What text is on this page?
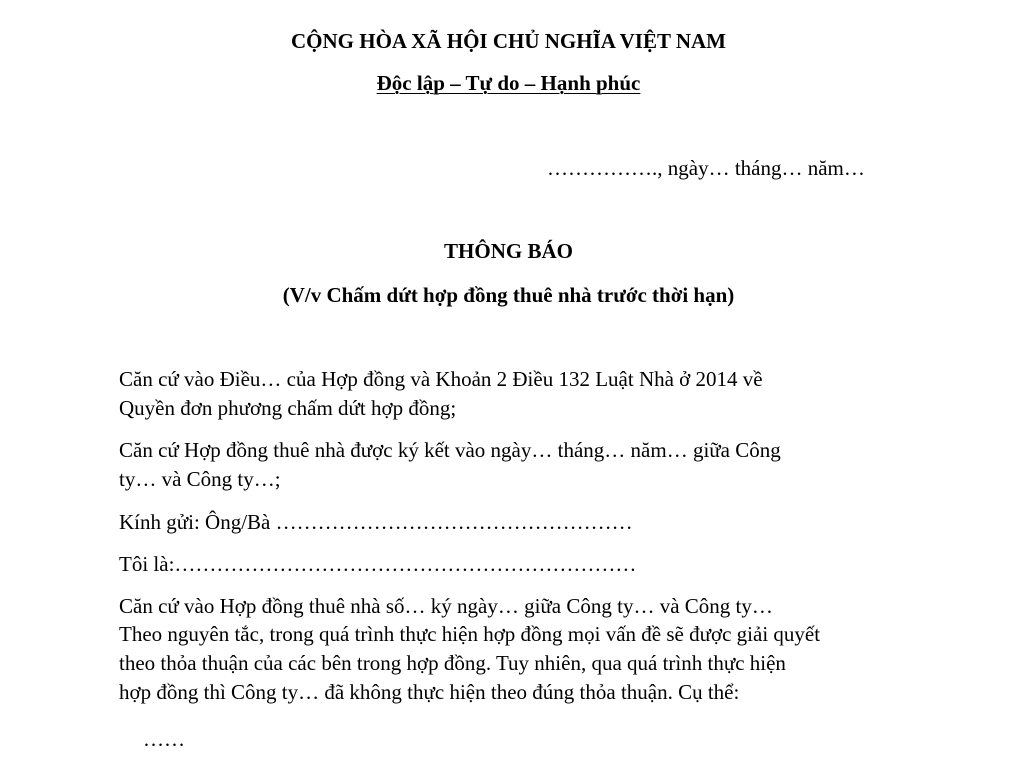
CỘNG HÒA XÃ HỘI CHỦ NGHĨA VIỆT NAM
Độc lập – Tự do – Hạnh phúc
……………., ngày… tháng… năm…
THÔNG BÁO
(V/v Chấm dứt hợp đồng thuê nhà trước thời hạn)
Căn cứ vào Điều… của Hợp đồng và Khoản 2 Điều 132 Luật Nhà ở 2014 về
Quyền đơn phương chấm dứt hợp đồng;
Căn cứ Hợp đồng thuê nhà được ký kết vào ngày… tháng… năm… giữa Công
ty… và Công ty…;
Kính gửi: Ông/Bà ……………………………………………
Tôi là:…………………………………………………………
Căn cứ vào Hợp đồng thuê nhà số… ký ngày… giữa Công ty… và Công ty…
Theo nguyên tắc, trong quá trình thực hiện hợp đồng mọi vấn đề sẽ được giải quyết
theo thỏa thuận của các bên trong hợp đồng. Tuy nhiên, qua quá trình thực hiện
hợp đồng thì Công ty… đã không thực hiện theo đúng thỏa thuận. Cụ thể:
……
